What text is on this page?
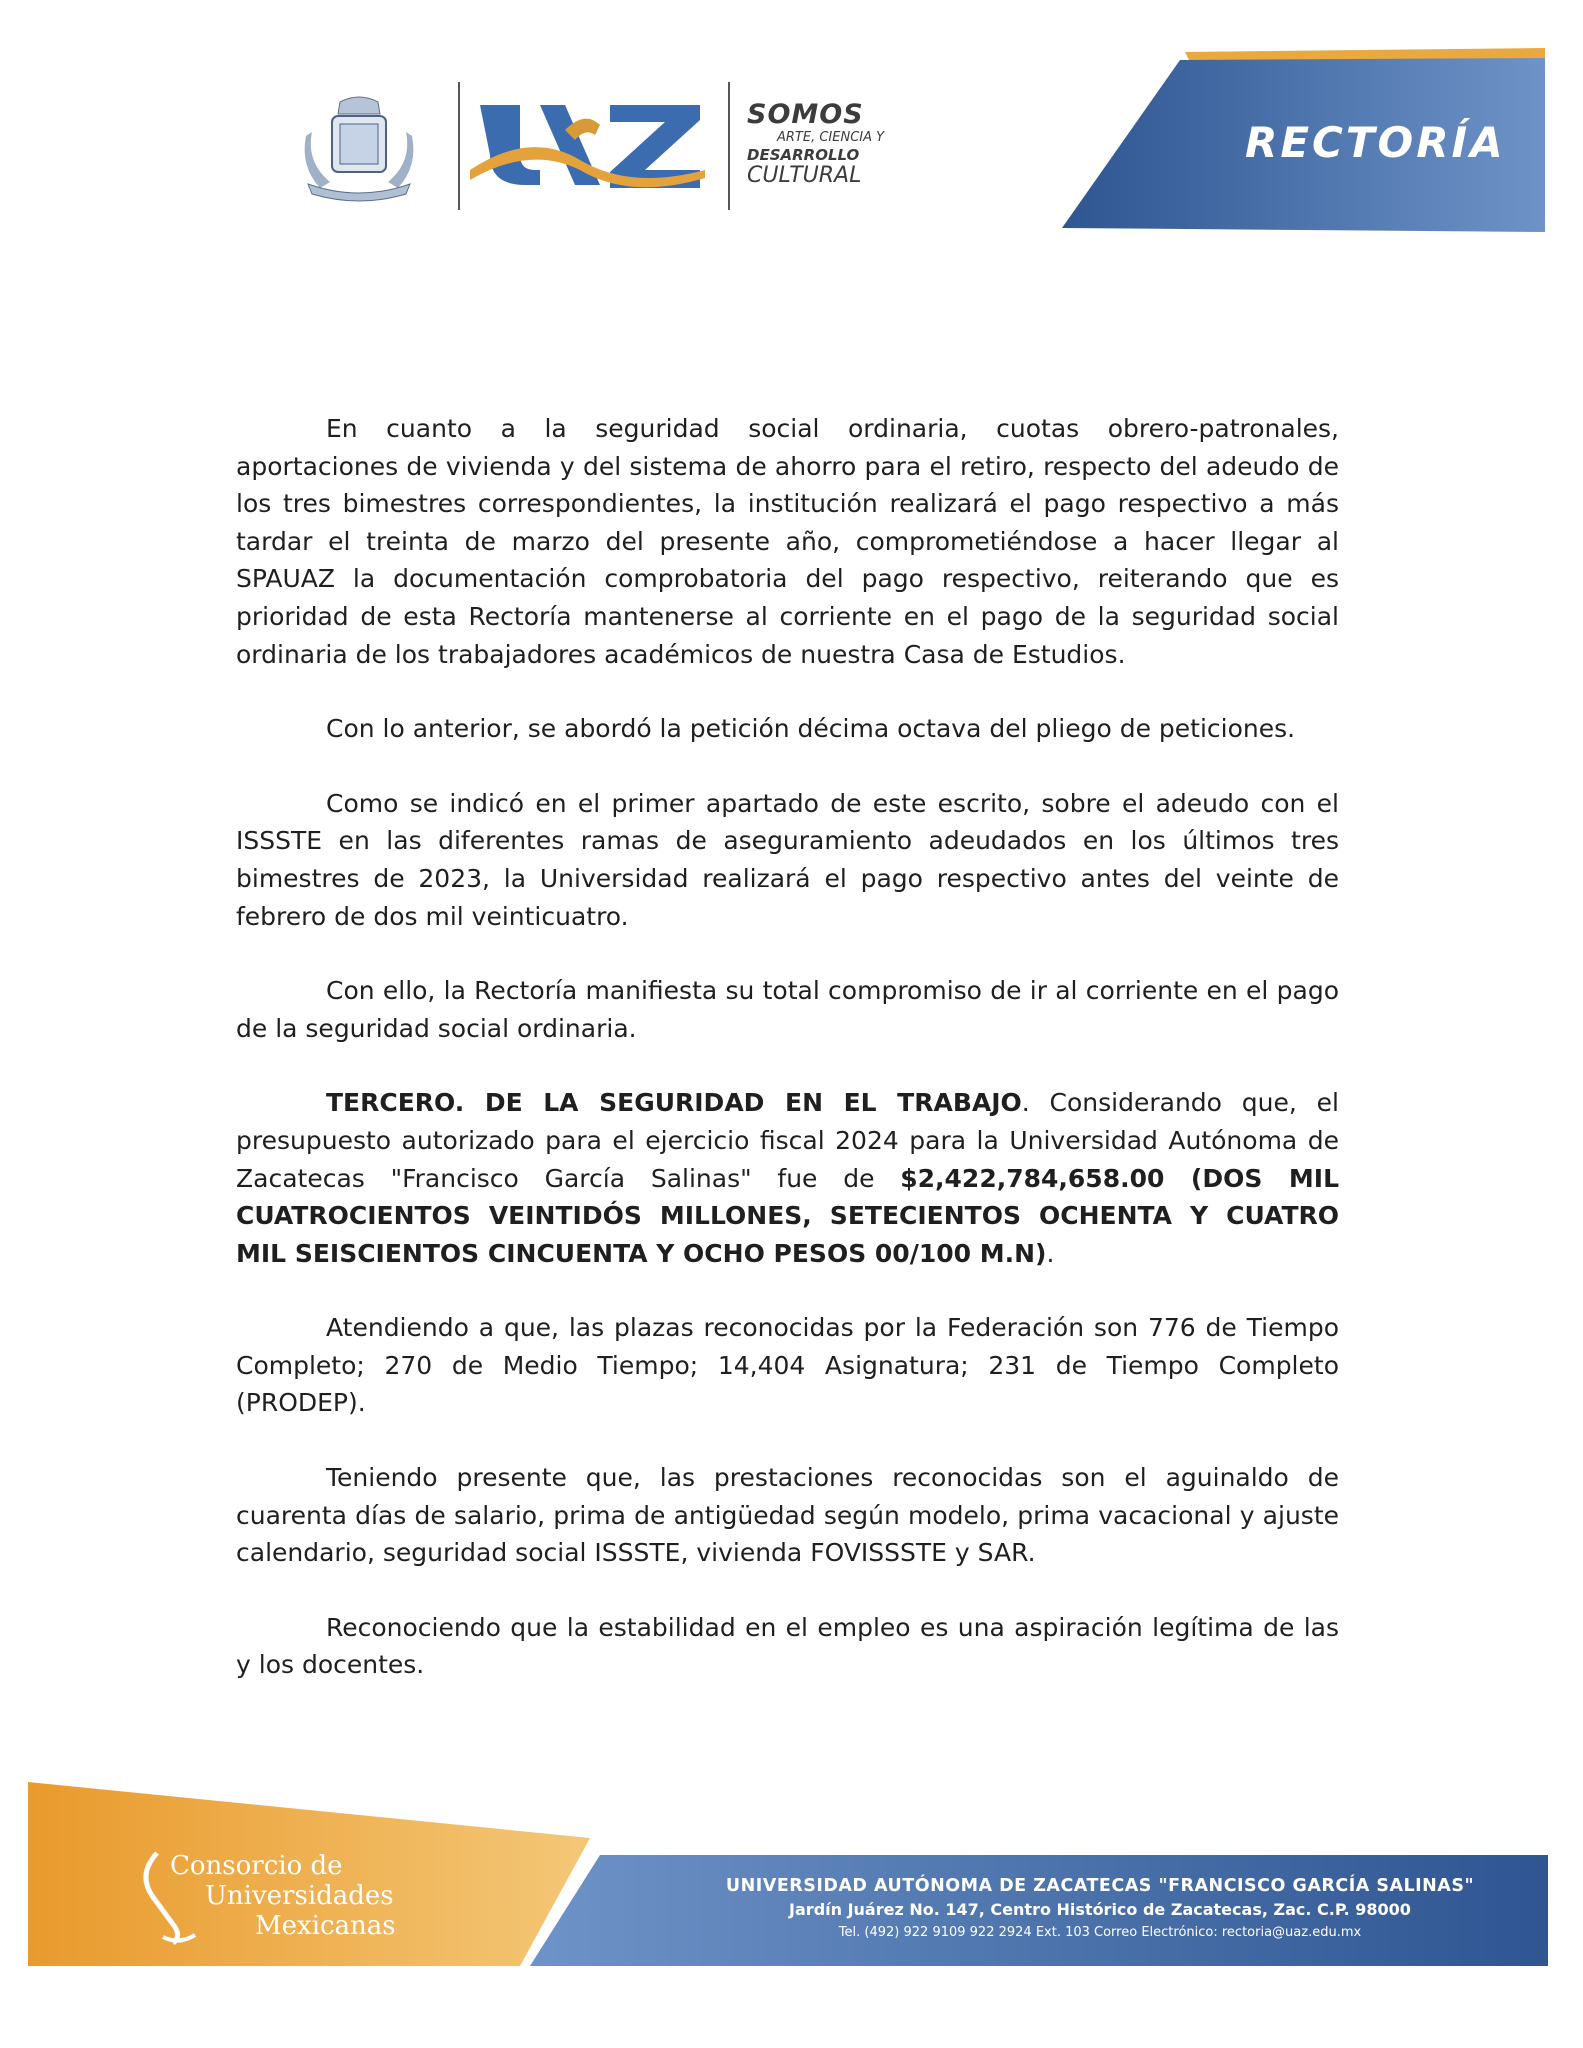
RECTORÍA
SOMOS
ARTE, CIENCIA Y
DESARROLLO
CULTURAL

En cuanto a la seguridad social ordinaria, cuotas obrero-patronales, aportaciones de vivienda y del sistema de ahorro para el retiro, respecto del adeudo de los tres bimestres correspondientes, la institución realizará el pago respectivo a más tardar el treinta de marzo del presente año, comprometiéndose a hacer llegar al SPAUAZ la documentación comprobatoria del pago respectivo, reiterando que es prioridad de esta Rectoría mantenerse al corriente en el pago de la seguridad social ordinaria de los trabajadores académicos de nuestra Casa de Estudios.

Con lo anterior, se abordó la petición décima octava del pliego de peticiones.

Como se indicó en el primer apartado de este escrito, sobre el adeudo con el ISSSTE en las diferentes ramas de aseguramiento adeudados en los últimos tres bimestres de 2023, la Universidad realizará el pago respectivo antes del veinte de febrero de dos mil veinticuatro.

Con ello, la Rectoría manifiesta su total compromiso de ir al corriente en el pago de la seguridad social ordinaria.

TERCERO. DE LA SEGURIDAD EN EL TRABAJO. Considerando que, el presupuesto autorizado para el ejercicio fiscal 2024 para la Universidad Autónoma de Zacatecas "Francisco García Salinas" fue de $2,422,784,658.00 (DOS MIL CUATROCIENTOS VEINTIDÓS MILLONES, SETECIENTOS OCHENTA Y CUATRO MIL SEISCIENTOS CINCUENTA Y OCHO PESOS 00/100 M.N).

Atendiendo a que, las plazas reconocidas por la Federación son 776 de Tiempo Completo; 270 de Medio Tiempo; 14,404 Asignatura; 231 de Tiempo Completo (PRODEP).

Teniendo presente que, las prestaciones reconocidas son el aguinaldo de cuarenta días de salario, prima de antigüedad según modelo, prima vacacional y ajuste calendario, seguridad social ISSSTE, vivienda FOVISSSTE y SAR.

Reconociendo que la estabilidad en el empleo es una aspiración legítima de las y los docentes.

Consorcio de
Universidades
Mexicanas
UNIVERSIDAD AUTÓNOMA DE ZACATECAS "FRANCISCO GARCÍA SALINAS"
Jardín Juárez No. 147, Centro Histórico de Zacatecas, Zac. C.P. 98000
Tel. (492) 922 9109 922 2924 Ext. 103 Correo Electrónico: rectoria@uaz.edu.mx
